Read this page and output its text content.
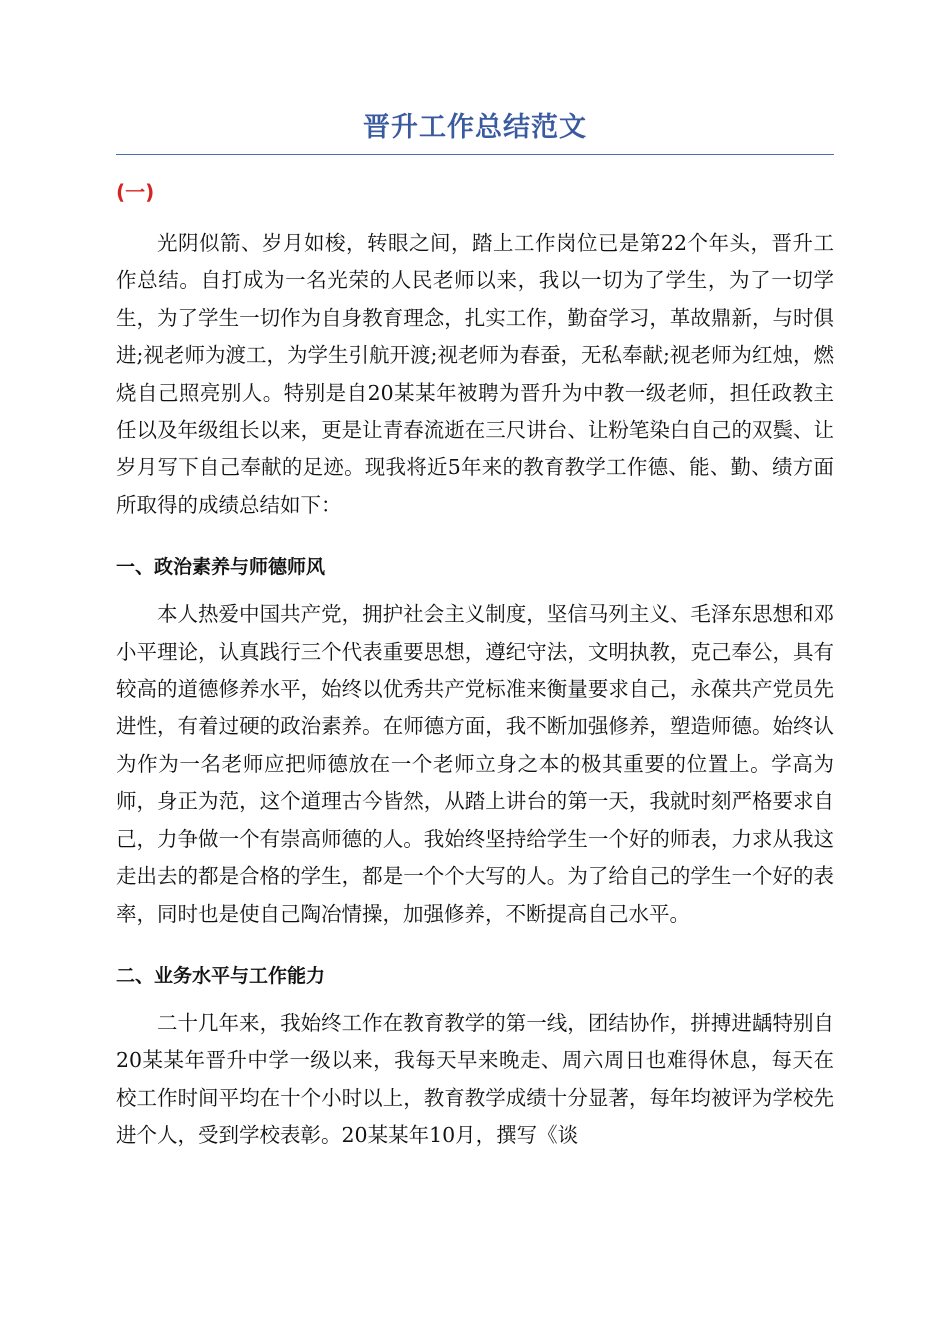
晋升工作总结范文
(一)

光阴似箭、岁月如梭，转眼之间，踏上工作岗位已是第22个年头，晋升工作总结。自打成为一名光荣的人民老师以来，我以一切为了学生，为了一切学生，为了学生一切作为自身教育理念，扎实工作，勤奋学习，革故鼎新，与时俱进;视老师为渡工，为学生引航开渡;视老师为春蚕，无私奉献;视老师为红烛，燃烧自己照亮别人。特别是自20某某年被聘为晋升为中教一级老师，担任政教主任以及年级组长以来，更是让青春流逝在三尺讲台、让粉笔染白自己的双鬓、让岁月写下自己奉献的足迹。现我将近5年来的教育教学工作德、能、勤、绩方面所取得的成绩总结如下：

一、政治素养与师德师风

本人热爱中国共产党，拥护社会主义制度，坚信马列主义、毛泽东思想和邓小平理论，认真践行三个代表重要思想，遵纪守法，文明执教，克己奉公，具有较高的道德修养水平，始终以优秀共产党标准来衡量要求自己，永葆共产党员先进性，有着过硬的政治素养。在师德方面，我不断加强修养，塑造师德。始终认为作为一名老师应把师德放在一个老师立身之本的极其重要的位置上。学高为师，身正为范，这个道理古今皆然，从踏上讲台的第一天，我就时刻严格要求自己，力争做一个有崇高师德的人。我始终坚持给学生一个好的师表，力求从我这走出去的都是合格的学生，都是一个个大写的人。为了给自己的学生一个好的表率，同时也是使自己陶冶情操，加强修养，不断提高自己水平。

二、业务水平与工作能力

二十几年来，我始终工作在教育教学的第一线，团结协作，拼搏进龋特别自20某某年晋升中学一级以来，我每天早来晚走、周六周日也难得休息，每天在校工作时间平均在十个小时以上，教育教学成绩十分显著，每年均被评为学校先进个人，受到学校表彰。20某某年10月，撰写《谈
